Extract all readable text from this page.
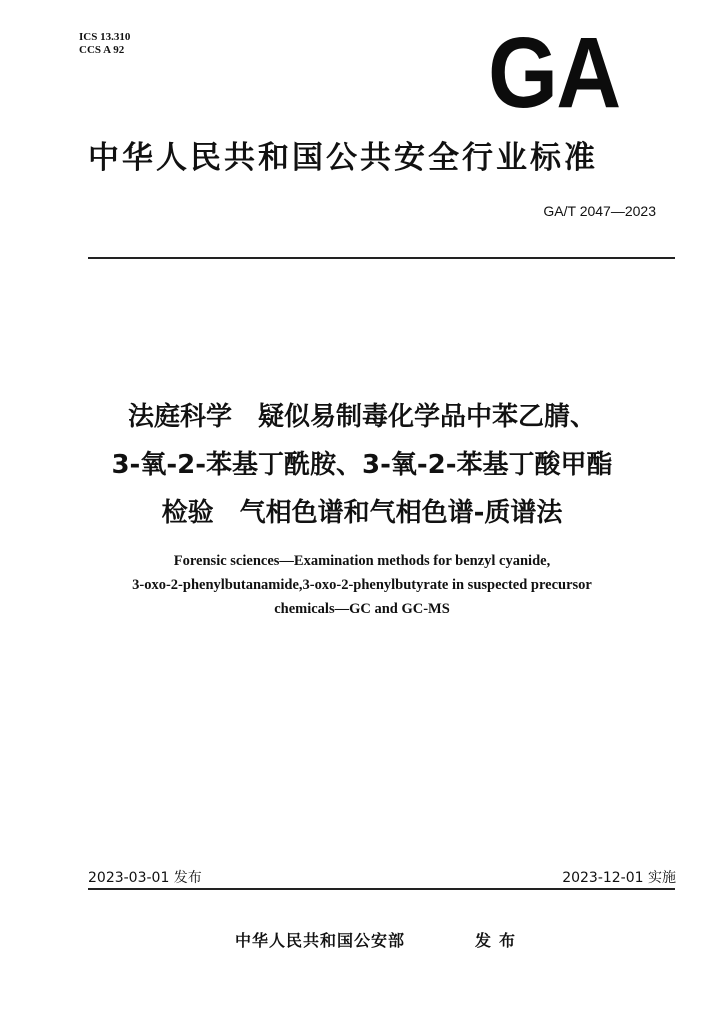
ICS 13.310
CCS A 92	GA
中华人民共和国公共安全行业标准
GA/T 2047—2023
法庭科学　疑似易制毒化学品中苯乙腈、
3-氧-2-苯基丁酰胺、3-氧-2-苯基丁酸甲酯
检验　气相色谱和气相色谱-质谱法
Forensic sciences—Examination methods for benzyl cyanide,
3-oxo-2-phenylbutanamide,3-oxo-2-phenylbutyrate in suspected precursor
chemicals—GC and GC-MS
2023-03-01 发布	2023-12-01 实施
中华人民共和国公安部	发布
